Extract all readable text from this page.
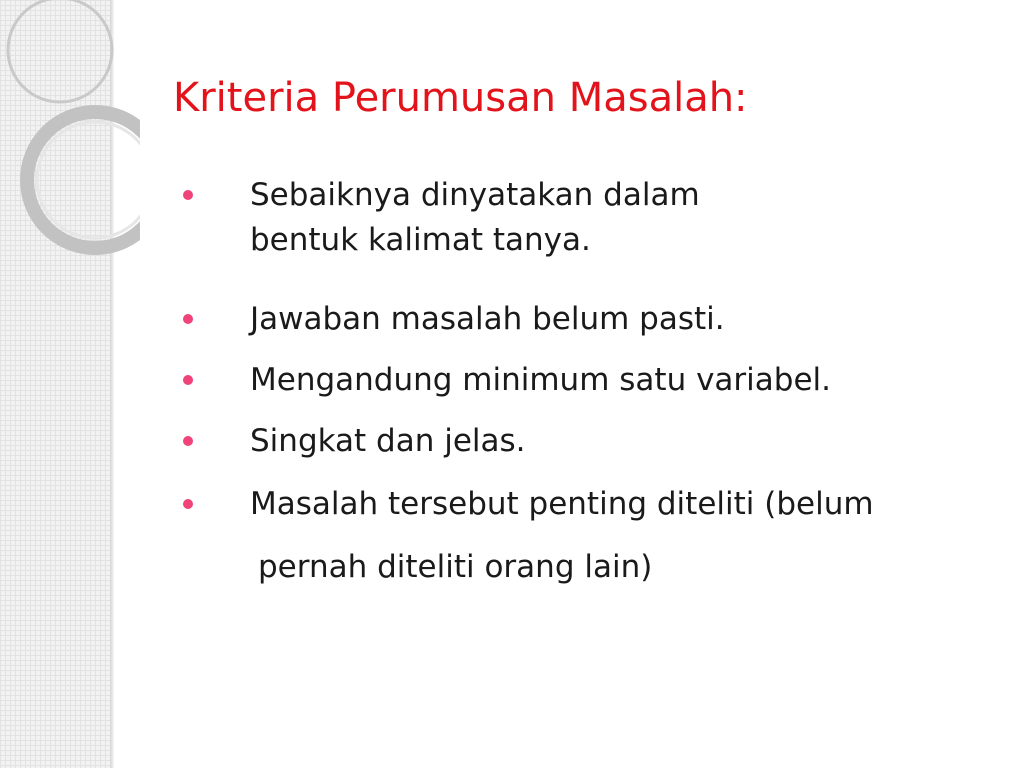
Kriteria Perumusan Masalah:

Sebaiknya dinyatakan dalam
bentuk kalimat tanya.

Jawaban masalah belum pasti.

Mengandung minimum satu variabel.

Singkat dan jelas.

Masalah tersebut penting diteliti (belum
pernah diteliti orang lain)
